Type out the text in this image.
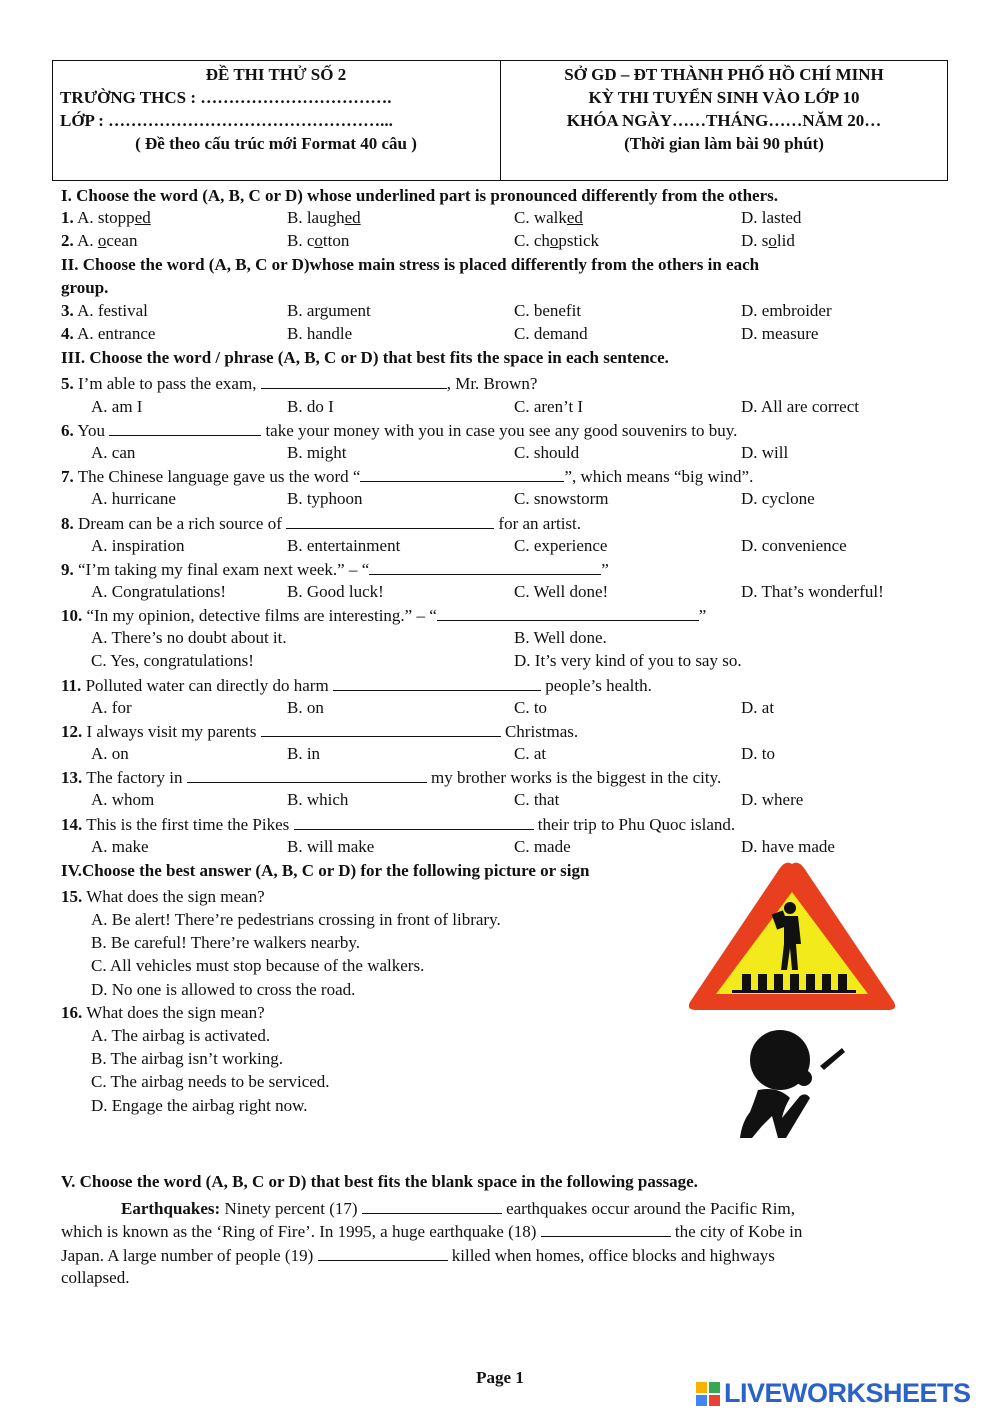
ĐỀ THI THỬ SỐ 2
TRƯỜNG THCS : …………………………….
LỚP : …………………………………………...
( Đề theo cấu trúc mới Format 40 câu )
SỞ GD – ĐT THÀNH PHỐ HỒ CHÍ MINH
KỲ THI TUYỂN SINH VÀO LỚP 10
KHÓA NGÀY……THÁNG……NĂM 20…
(Thời gian làm bài 90 phút)
I. Choose the word (A, B, C or D) whose underlined part is pronounced differently from the others.
1. A. stopped	B. laughed	C. walked	D. lasted
2. A. ocean	B. cotton	C. chopstick	D. solid
II. Choose the word (A, B, C or D)whose main stress is placed differently from the others in each
group.
3. A. festival	B. argument	C. benefit	D. embroider
4. A. entrance	B. handle	C. demand	D. measure
III. Choose the word / phrase (A, B, C or D) that best fits the space in each sentence.
5. I’m able to pass the exam,	, Mr. Brown?
A. am I	B. do I	C. aren’t I	D. All are correct
6. You	take your money with you in case you see any good souvenirs to buy.
A. can	B. might	C. should	D. will
7. The Chinese language gave us the word “	”, which means “big wind”.
A. hurricane	B. typhoon	C. snowstorm	D. cyclone
8. Dream can be a rich source of	for an artist.
A. inspiration	B. entertainment	C. experience	D. convenience
9. “I’m taking my final exam next week.” – “	”
A. Congratulations!	B. Good luck!	C. Well done!	D. That’s wonderful!
10. “In my opinion, detective films are interesting.” – “	”
A. There’s no doubt about it.	B. Well done.
C. Yes, congratulations!	D. It’s very kind of you to say so.
11. Polluted water can directly do harm	people’s health.
A. for	B. on	C. to	D. at
12. I always visit my parents	Christmas.
A. on	B. in	C. at	D. to
13. The factory in	my brother works is the biggest in the city.
A. whom	B. which	C. that	D. where
14. This is the first time the Pikes	their trip to Phu Quoc island.
A. make	B. will make	C. made	D. have made
IV.Choose the best answer (A, B, C or D) for the following picture or sign
15. What does the sign mean?
A. Be alert! There’re pedestrians crossing in front of library.
B. Be careful! There’re walkers nearby.
C. All vehicles must stop because of the walkers.
D. No one is allowed to cross the road.
16. What does the sign mean?
A. The airbag is activated.
B. The airbag isn’t working.
C. The airbag needs to be serviced.
D. Engage the airbag right now.
V. Choose the word (A, B, C or D) that best fits the blank space in the following passage.
Earthquakes: Ninety percent (17)	earthquakes occur around the Pacific Rim,
which is known as the ‘Ring of Fire’. In 1995, a huge earthquake (18)	the city of Kobe in
Japan. A large number of people (19)	killed when homes, office blocks and highways
collapsed.
Page 1
LIVEWORKSHEETS
